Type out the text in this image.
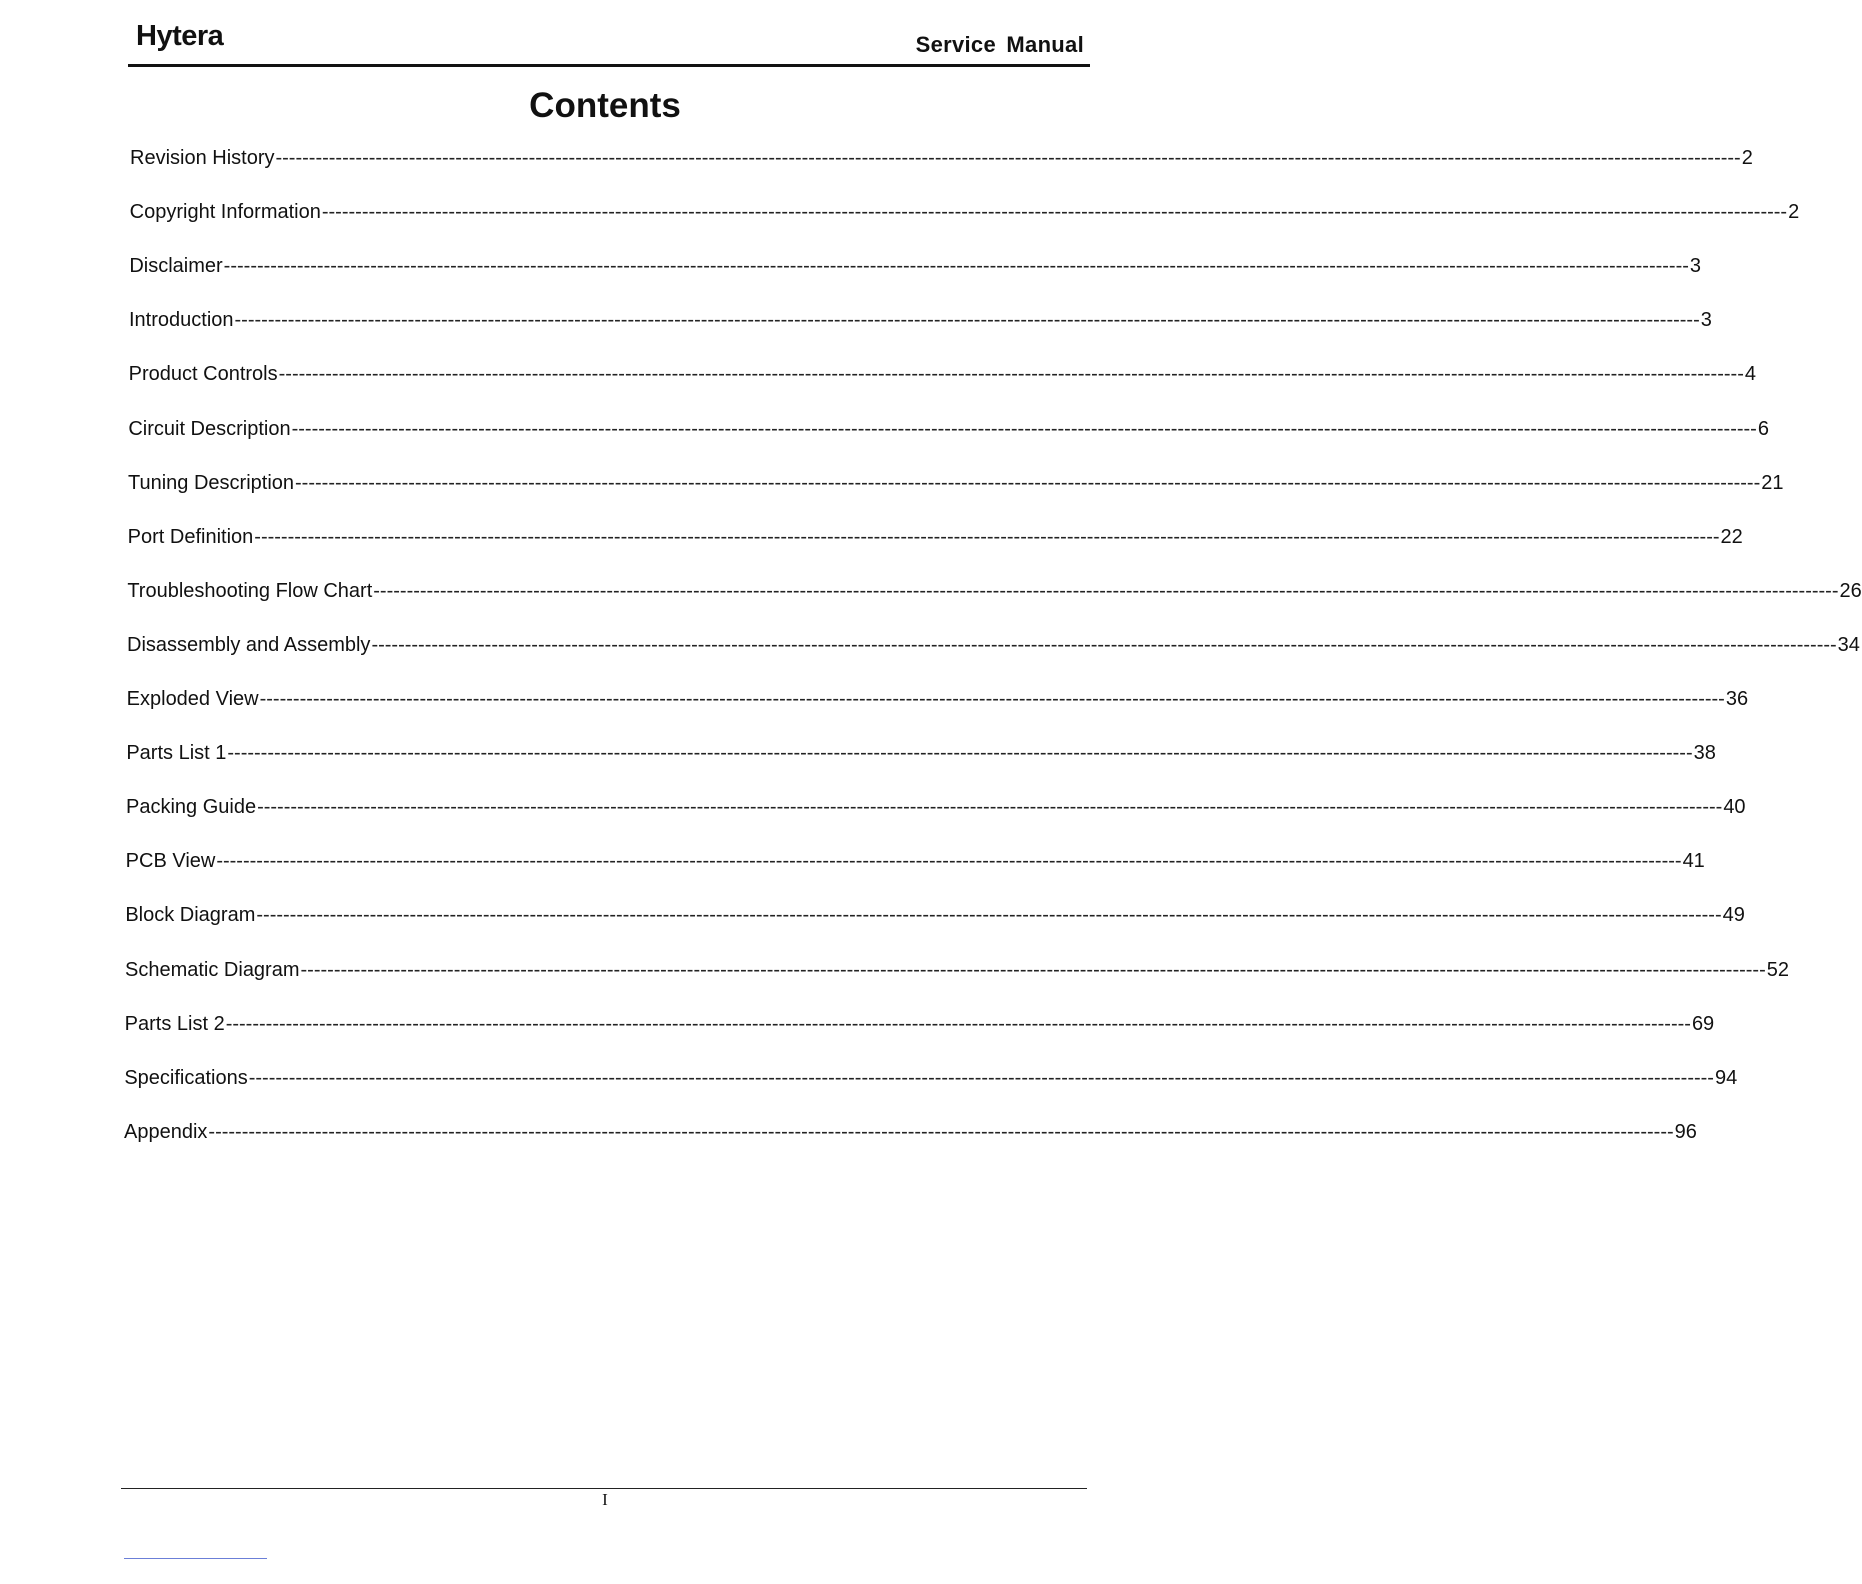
Hytera	Service Manual
Contents
Revision History ---------------------------------------------------------------------------------------------------------------------------------------------------------------------------------------------------------------------------- 2
Copyright Information ---------------------------------------------------------------------------------------------------------------------------------------------------------------------------------------------------------------------------- 2
Disclaimer ---------------------------------------------------------------------------------------------------------------------------------------------------------------------------------------------------------------------------- 3
Introduction ---------------------------------------------------------------------------------------------------------------------------------------------------------------------------------------------------------------------------- 3
Product Controls ---------------------------------------------------------------------------------------------------------------------------------------------------------------------------------------------------------------------------- 4
Circuit Description ---------------------------------------------------------------------------------------------------------------------------------------------------------------------------------------------------------------------------- 6
Tuning Description ---------------------------------------------------------------------------------------------------------------------------------------------------------------------------------------------------------------------------- 21
Port Definition ---------------------------------------------------------------------------------------------------------------------------------------------------------------------------------------------------------------------------- 22
Troubleshooting Flow Chart ---------------------------------------------------------------------------------------------------------------------------------------------------------------------------------------------------------------------------- 26
Disassembly and Assembly ---------------------------------------------------------------------------------------------------------------------------------------------------------------------------------------------------------------------------- 34
Exploded View ---------------------------------------------------------------------------------------------------------------------------------------------------------------------------------------------------------------------------- 36
Parts List 1 ---------------------------------------------------------------------------------------------------------------------------------------------------------------------------------------------------------------------------- 38
Packing Guide ---------------------------------------------------------------------------------------------------------------------------------------------------------------------------------------------------------------------------- 40
PCB View ---------------------------------------------------------------------------------------------------------------------------------------------------------------------------------------------------------------------------- 41
Block Diagram ---------------------------------------------------------------------------------------------------------------------------------------------------------------------------------------------------------------------------- 49
Schematic Diagram ---------------------------------------------------------------------------------------------------------------------------------------------------------------------------------------------------------------------------- 52
Parts List 2 ---------------------------------------------------------------------------------------------------------------------------------------------------------------------------------------------------------------------------- 69
Specifications ---------------------------------------------------------------------------------------------------------------------------------------------------------------------------------------------------------------------------- 94
Appendix ---------------------------------------------------------------------------------------------------------------------------------------------------------------------------------------------------------------------------- 96
I
